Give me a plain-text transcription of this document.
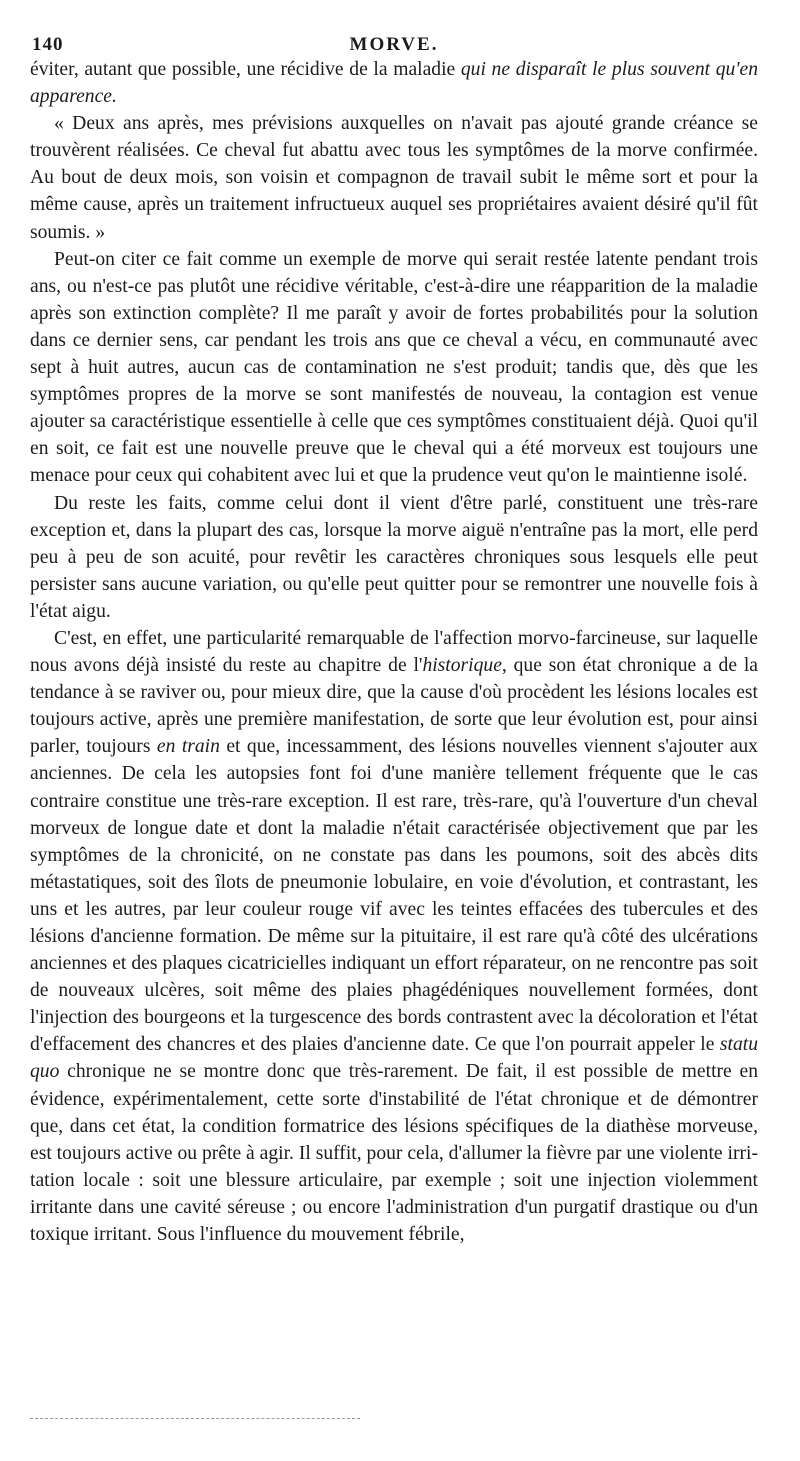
140	MORVE.

éviter, autant que possible, une récidive de la maladie qui ne disparaît le plus souvent qu'en apparence.

« Deux ans après, mes prévisions auxquelles on n'avait pas ajouté grande créance se trouvèrent réalisées. Ce cheval fut abattu avec tous les symptômes de la morve confirmée. Au bout de deux mois, son voisin et compagnon de travail subit le même sort et pour la même cause, après un traitement infructueux auquel ses propriétaires avaient désiré qu'il fût soumis. »

Peut-on citer ce fait comme un exemple de morve qui serait restée latente pendant trois ans, ou n'est-ce pas plutôt une récidive véritable, c'est-à-dire une réapparition de la maladie après son extinction complète? Il me paraît y avoir de fortes probabilités pour la solution dans ce dernier sens, car pendant les trois ans que ce cheval a vécu, en communauté avec sept à huit autres, aucun cas de contamination ne s'est produit; tandis que, dès que les symptômes propres de la morve se sont manifestés de nouveau, la contagion est venue ajouter sa caractéristique essentielle à celle que ces symptômes constituaient déjà. Quoi qu'il en soit, ce fait est une nouvelle preuve que le cheval qui a été morveux est toujours une menace pour ceux qui cohabitent avec lui et que la prudence veut qu'on le maintienne isolé.

Du reste les faits, comme celui dont il vient d'être parlé, constituent une très-rare exception et, dans la plupart des cas, lorsque la morve aiguë n'entraîne pas la mort, elle perd peu à peu de son acuité, pour revêtir les caractères chroniques sous lesquels elle peut persister sans aucune variation, ou qu'elle peut quitter pour se remontrer une nouvelle fois à l'état aigu.

C'est, en effet, une particularité remarquable de l'affection morvo-farcineuse, sur laquelle nous avons déjà insisté du reste au chapitre de l'historique, que son état chronique a de la tendance à se raviver ou, pour mieux dire, que la cause d'où procèdent les lésions locales est toujours active, après une première manifestation, de sorte que leur évolution est, pour ainsi parler, toujours en train et que, incessamment, des lésions nouvelles viennent s'ajouter aux anciennes. De cela les autopsies font foi d'une manière tellement fréquente que le cas contraire constitue une très-rare exception. Il est rare, très-rare, qu'à l'ouverture d'un cheval morveux de longue date et dont la maladie n'était caractérisée objectivement que par les symptômes de la chronicité, on ne constate pas dans les poumons, soit des abcès dits métastatiques, soit des îlots de pneumonie lobulaire, en voie d'évolution, et contrastant, les uns et les autres, par leur couleur rouge vif avec les teintes effacées des tubercules et des lésions d'ancienne formation. De même sur la pituitaire, il est rare qu'à côté des ulcérations anciennes et des plaques cicatricielles indiquant un effort réparateur, on ne rencontre pas soit de nouveaux ulcères, soit même des plaies phagédéniques nouvellement formées, dont l'injection des bourgeons et la turgescence des bords contrastent avec la décoloration et l'état d'effacement des chancres et des plaies d'ancienne date. Ce que l'on pourrait appeler le statu quo chronique ne se montre donc que très-rarement. De fait, il est possible de mettre en évidence, expérimentalement, cette sorte d'instabilité de l'état chronique et de démontrer que, dans cet état, la condition formatrice des lésions spécifiques de la diathèse morveuse, est toujours active ou prête à agir. Il suffit, pour cela, d'allumer la fièvre par une violente irritation locale : soit une blessure articulaire, par exemple ; soit une injection violemment irritante dans une cavité séreuse ; ou encore l'administration d'un purgatif drastique ou d'un toxique irritant. Sous l'influence du mouvement fébrile,
